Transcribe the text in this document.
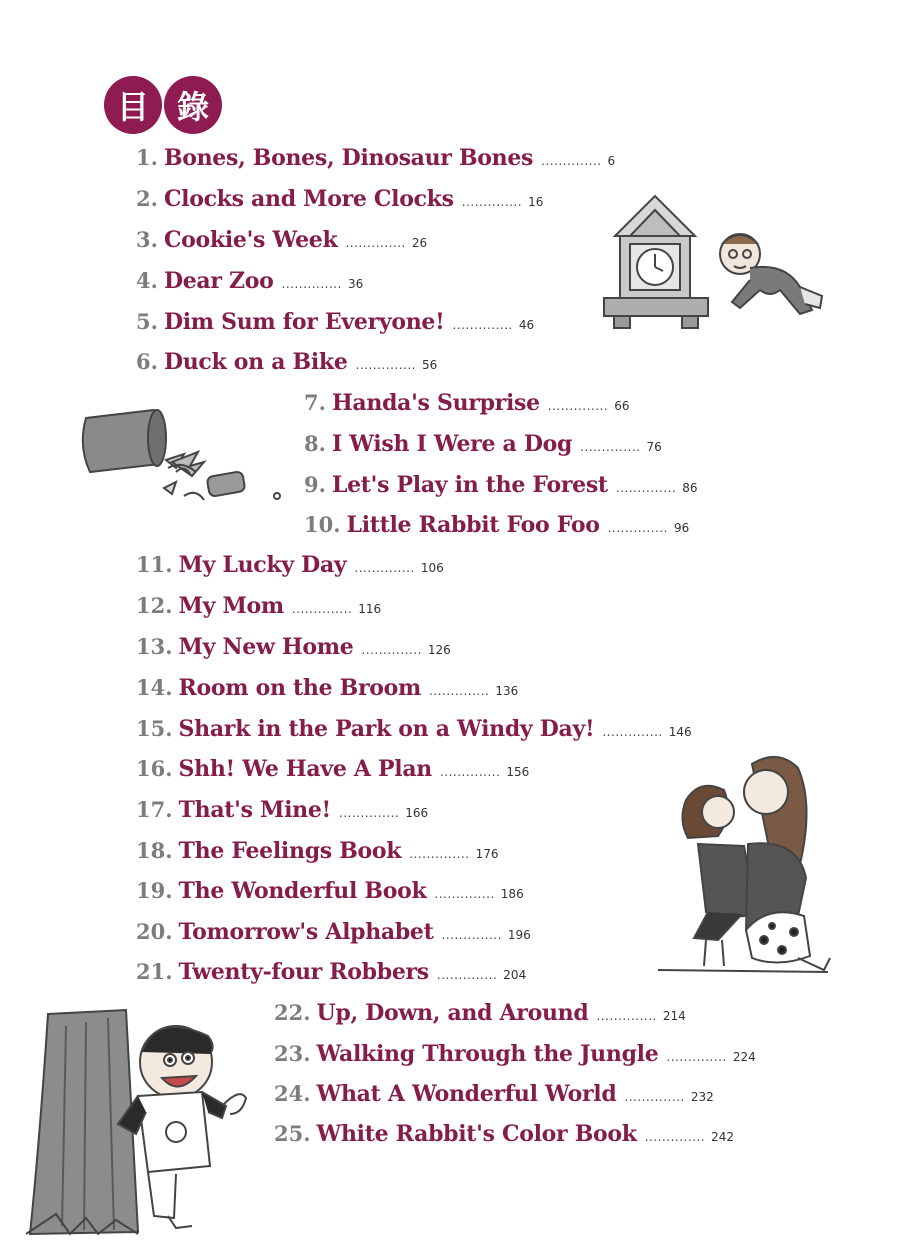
目 錄
1. Bones, Bones, Dinosaur Bones .............. 6
2. Clocks and More Clocks .............. 16
3. Cookie's Week .............. 26
4. Dear Zoo .............. 36
5. Dim Sum for Everyone! .............. 46
6. Duck on a Bike .............. 56
7. Handa's Surprise .............. 66
8. I Wish I Were a Dog .............. 76
9. Let's Play in the Forest .............. 86
10. Little Rabbit Foo Foo .............. 96
11. My Lucky Day .............. 106
12. My Mom .............. 116
13. My New Home .............. 126
14. Room on the Broom .............. 136
15. Shark in the Park on a Windy Day! .............. 146
16. Shh! We Have A Plan .............. 156
17. That's Mine! .............. 166
18. The Feelings Book .............. 176
19. The Wonderful Book .............. 186
20. Tomorrow's Alphabet .............. 196
21. Twenty-four Robbers .............. 204
22. Up, Down, and Around .............. 214
23. Walking Through the Jungle .............. 224
24. What A Wonderful World .............. 232
25. White Rabbit's Color Book .............. 242
